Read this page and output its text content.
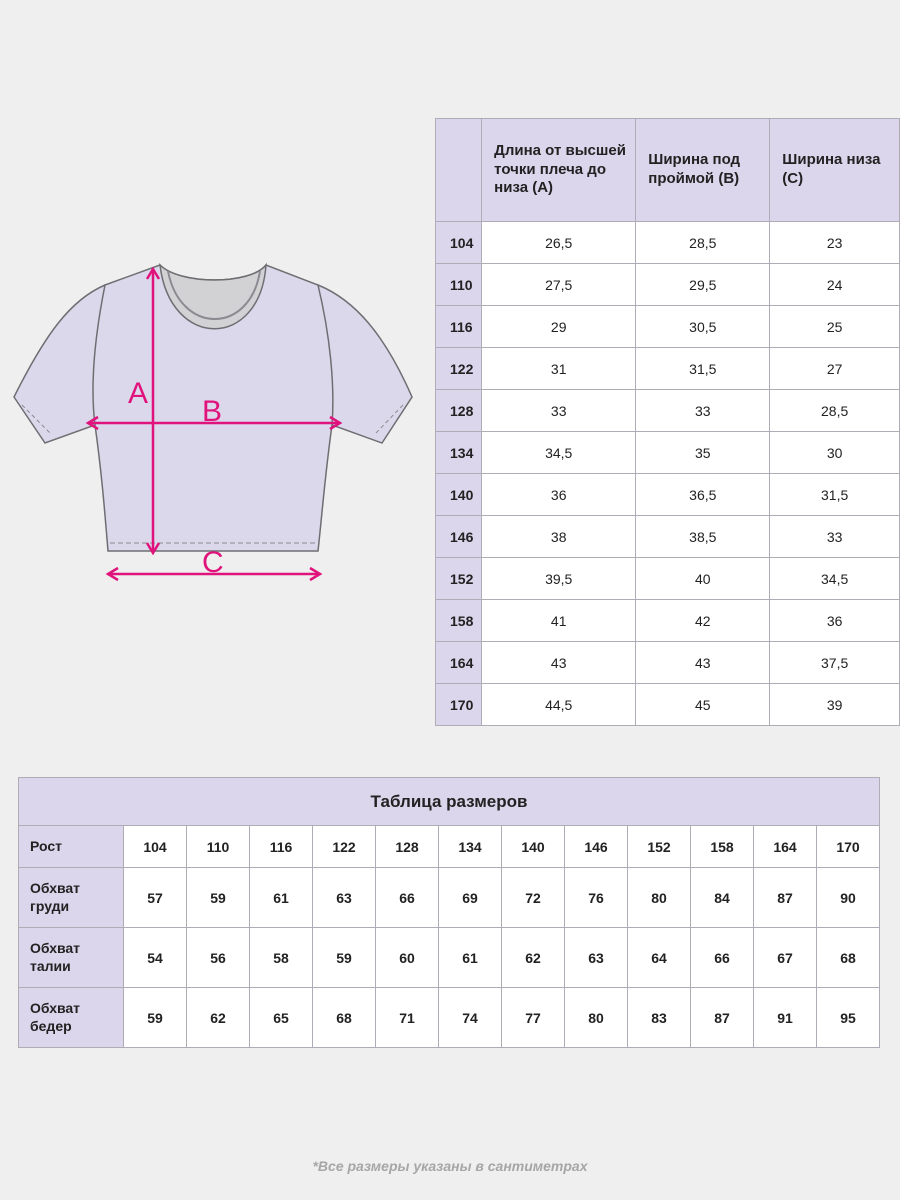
A
B
C
	Длина от высшей точки плеча до низа (А)	Ширина под проймой (В)	Ширина низа (С)
104	26,5	28,5	23
110	27,5	29,5	24
116	29	30,5	25
122	31	31,5	27
128	33	33	28,5
134	34,5	35	30
140	36	36,5	31,5
146	38	38,5	33
152	39,5	40	34,5
158	41	42	36
164	43	43	37,5
170	44,5	45	39
Таблица размеров												
Рост	104	110	116	122	128	134	140	146	152	158	164	170
Обхват груди	57	59	61	63	66	69	72	76	80	84	87	90
Обхват талии	54	56	58	59	60	61	62	63	64	66	67	68
Обхват бедер	59	62	65	68	71	74	77	80	83	87	91	95
*Все размеры указаны в сантиметрах
